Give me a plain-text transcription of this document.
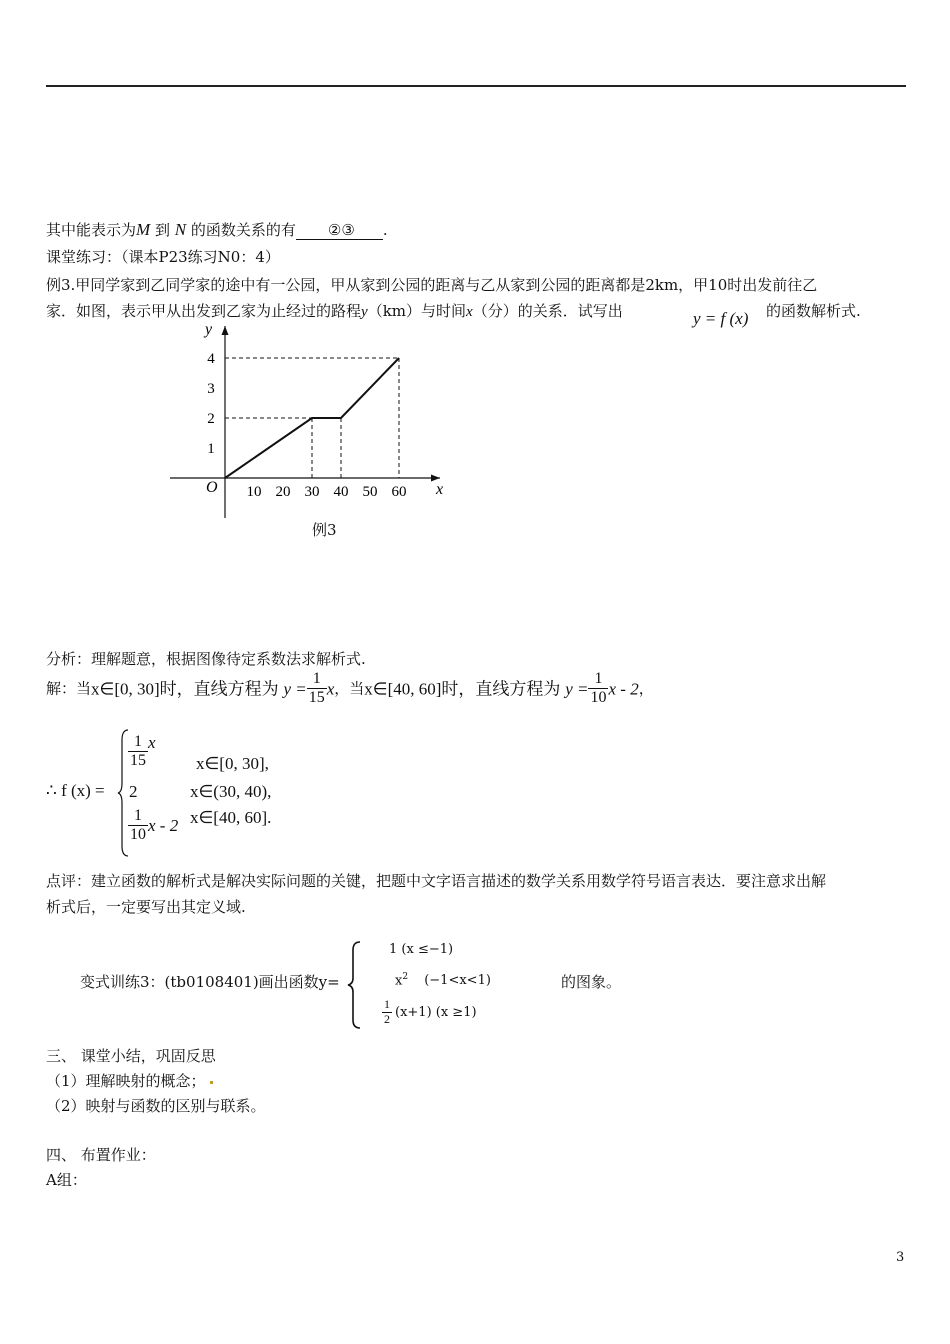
其中能表示为M 到 N 的函数关系的有 ②③ .
课堂练习：（课本P23练习N0：4）
例3.甲同学家到乙同学家的途中有一公园，甲从家到公园的距离与乙从家到公园的距离都是2km，甲10时出发前往乙
家．如图，表示甲从出发到乙家为止经过的路程y（km）与时间x（分）的关系．试写出	y = f (x) 的函数解析式.
x
y
O 10 20 30 40 50 60
1
2
3
4
例3
分析：理解题意，根据图像待定系数法求解析式.
解：当x∈[0, 30]时，直线方程为 $y = \frac{1}{15}$ x，当x∈[40, 60]时，直线方程为 $y = \frac{1}{10}$ x - 2，
∴ f (x) =
$\frac{1}{15}$ x
x∈[0, 30],
2	x∈(30, 40),
$\frac{1}{10}$ x - 2 x∈[40, 60].
点评：建立函数的解析式是解决实际问题的关键，把题中文字语言描述的数学关系用数学符号语言表达．要注意求出解
析式后，一定要写出其定义域.
变式训练3：(tb0108401)画出函数y=
1 (x ≤−1)
$x^2$ (−1<x<1)
$\frac{1}{2} (x+1)$ (x ≥1)
的图象。
三、 课堂小结，巩固反思
（1）理解映射的概念；
（2）映射与函数的区别与联系。
四、 布置作业：
A组：
3
